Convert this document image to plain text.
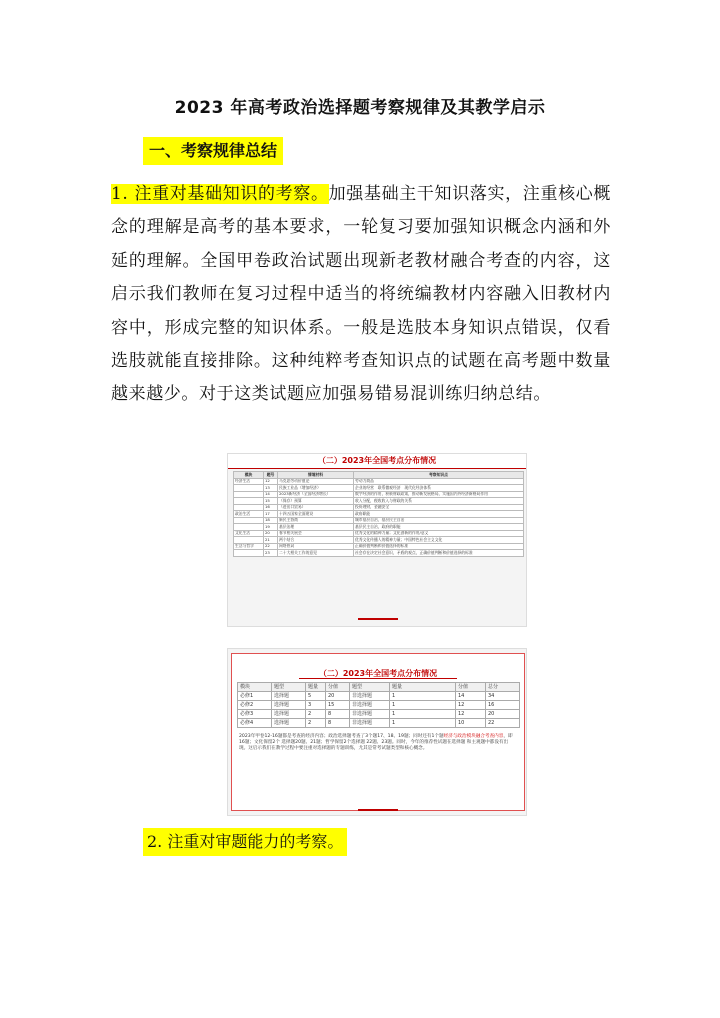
2023 年高考政治选择题考察规律及其教学启示
一、考察规律总结
1. 注重对基础知识的考察。加强基础主干知识落实，注重核心概念的理解是高考的基本要求，一轮复习要加强知识概念内涵和外延的理解。全国甲卷政治试题出现新老教材融合考查的内容，这启示我们教师在复习过程中适当的将统编教材内容融入旧教材内容中，形成完整的知识体系。一般是选肢本身知识点错误，仅看选肢就能直接排除。这种纯粹考查知识点的试题在高考题中数量越来越少。对于这类试题应加强易错易混训练归纳总结。
（二）2023年全国考点分布情况
模块	题号	情境材料	考察知识点
经济生活	12	马克思劳动价值论	劳动力商品
	13	民族工业品（增加经济）	企业的经营　联系微观经济　现代化经济体系
	14	2023新经济（全国经济增长）	数字经济的作用，积极财政政策，推动新发展格局，实施国内外经济新格局作用
	15	（保存）预算	收入分配，税收收入与财政的关系
	16	（进出口贸易）	投资理财，金融安全
政治生活	17	十四五国家全面建设	政府职能
	18	新民主协商	城市基层自治，基层民主自治
	19	基层治理	基层民主自治，政府的职能
文化生活	20	春节相关展会	优秀文化的精神力量；文化创新的作用/意义
	21	两个结合	优秀文化传播人的精神力量；中国特色社会主义文化
生活与哲学	22	网络热词	正确价值判断和价值选择的标准
	23	二十大相关工作的意见	社会存在决定社会意识，矛盾的观点，正确价值判断和价值选择的标准
（二）2023年全国考点分布情况
模块	题型	题量	分值	题型	题量	分值	总分
必修1	选择题	5	20	非选择题	1	14	34
必修2	选择题	3	15	非选择题	1	12	16
必修3	选择题	2	8	非选择题	1	12	20
必修4	选择题	2	8	非选择题	1	10	22
2023年甲卷12-16题都是考查的经济内容；政治选择题考查了3个题17、18、19题；同时还有1个题经济与政治模块融合考查内容，即16题；文化保留2个 选择题20题、21题；哲学保留2个选择题 22题、23题。同时，今年的推荐性试题在选择题 和主观题中都没有出现。这启示我们在教学过程中要注重对选择题的专题训练，尤其是常考试题类型和核心概念。
2. 注重对审题能力的考察。
